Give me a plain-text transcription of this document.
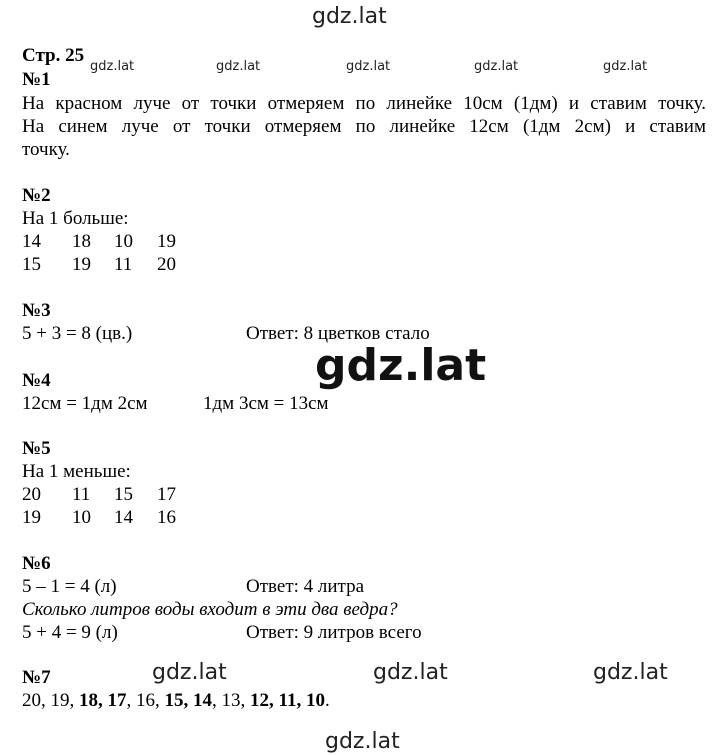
gdz.lat
gdz.lat	gdz.lat	gdz.lat	gdz.lat	gdz.lat
Стр. 25
№1
На красном луче от точки отмеряем по линейке 10см (1дм) и ставим точку.
На синем луче от точки отмеряем по линейке 12см (1дм 2см) и ставим
точку.
№2
На 1 больше:
14 18 10 19
15 19 11 20
№3
5 + 3 = 8 (цв.)	Ответ: 8 цветков стало
gdz.lat
№4
12см = 1дм 2см	1дм 3см = 13см
№5
На 1 меньше:
20 11 15 17
19 10 14 16
№6
5 – 1 = 4 (л)	Ответ: 4 литра
Сколько литров воды входит в эти два ведра?
5 + 4 = 9 (л)	Ответ: 9 литров всего
№7	gdz.lat	gdz.lat	gdz.lat
20, 19, 18, 17, 16, 15, 14, 13, 12, 11, 10.
gdz.lat
